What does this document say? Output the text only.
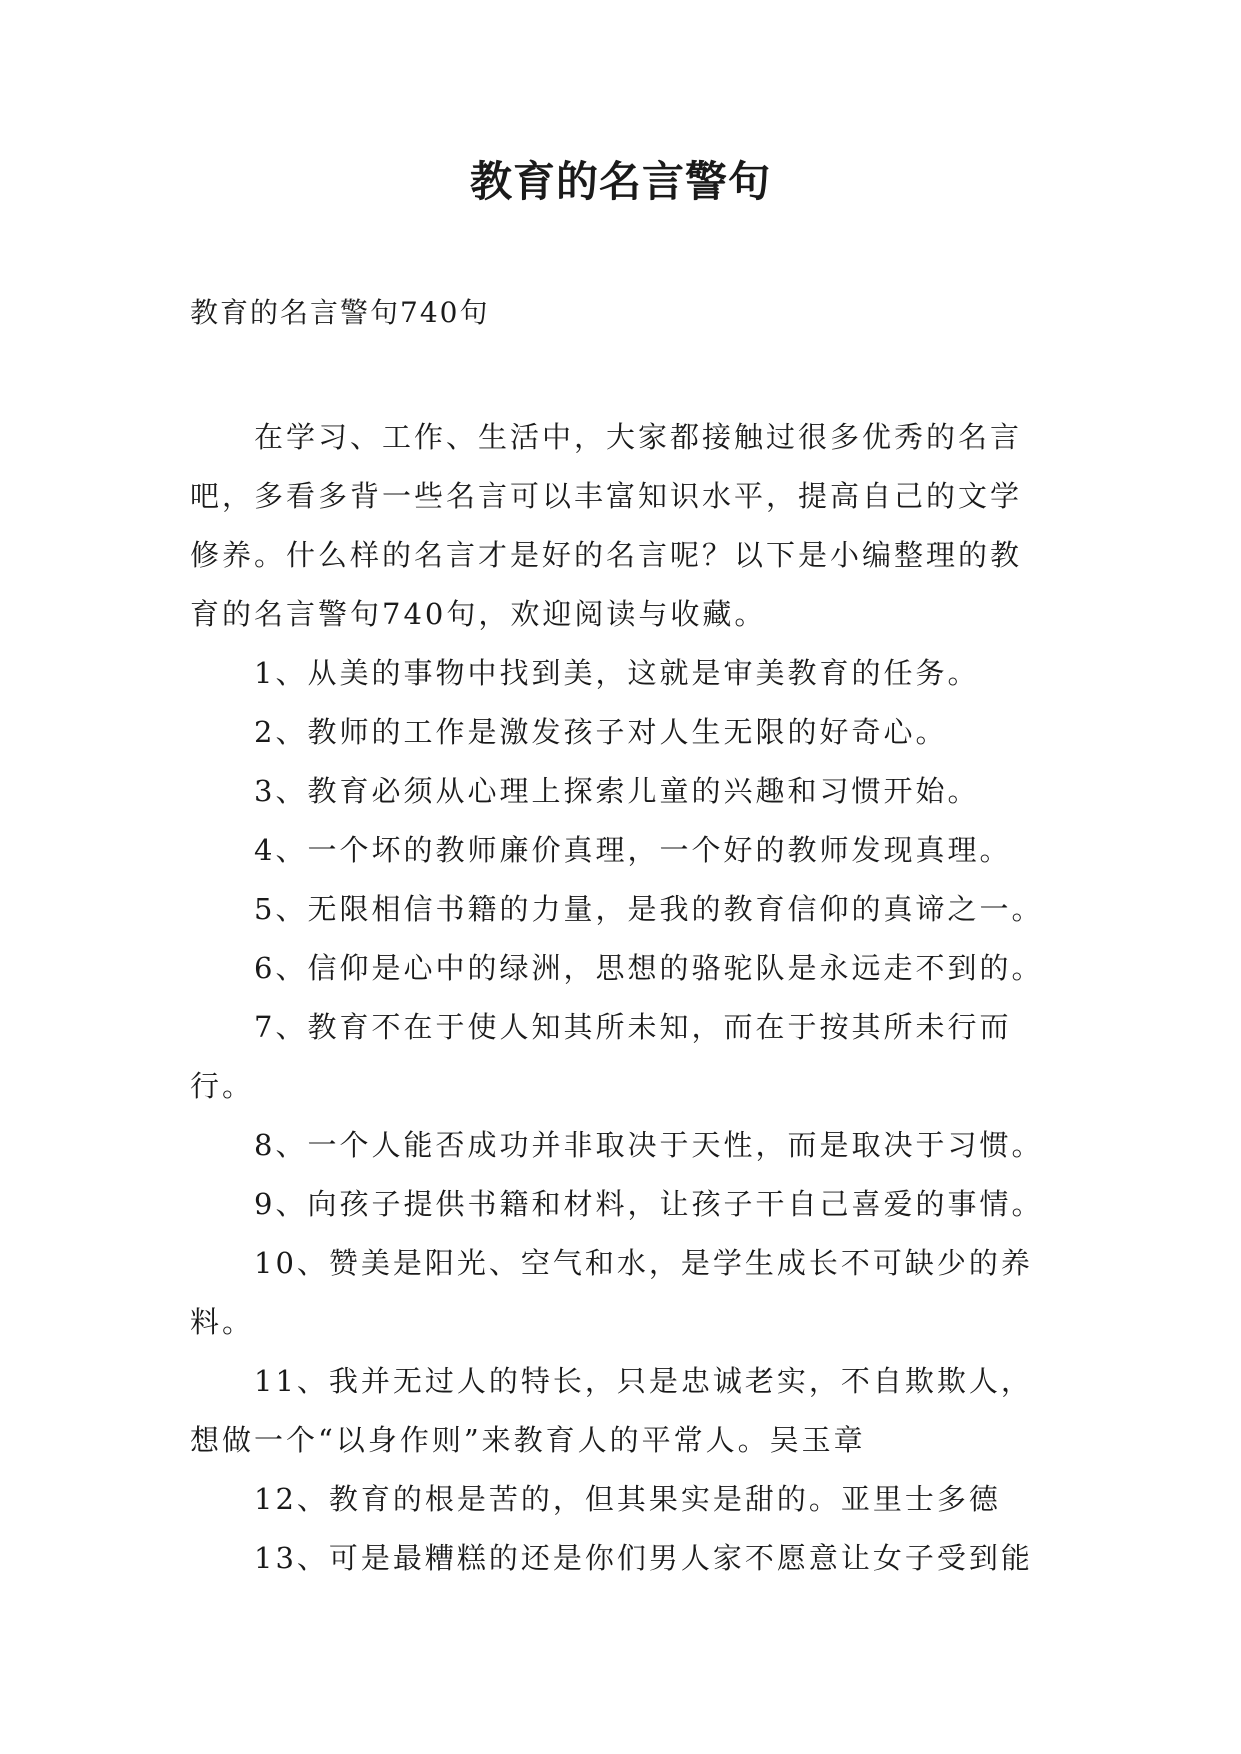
教育的名言警句
教育的名言警句740句
在学习、工作、生活中，大家都接触过很多优秀的名言
吧，多看多背一些名言可以丰富知识水平，提高自己的文学
修养。什么样的名言才是好的名言呢？以下是小编整理的教
育的名言警句740句，欢迎阅读与收藏。
1、从美的事物中找到美，这就是审美教育的任务。
2、教师的工作是激发孩子对人生无限的好奇心。
3、教育必须从心理上探索儿童的兴趣和习惯开始。
4、一个坏的教师廉价真理，一个好的教师发现真理。
5、无限相信书籍的力量，是我的教育信仰的真谛之一。
6、信仰是心中的绿洲，思想的骆驼队是永远走不到的。
7、教育不在于使人知其所未知，而在于按其所未行而
行。
8、一个人能否成功并非取决于天性，而是取决于习惯。
9、向孩子提供书籍和材料，让孩子干自己喜爱的事情。
10、赞美是阳光、空气和水，是学生成长不可缺少的养
料。
11、我并无过人的特长，只是忠诚老实，不自欺欺人，
想做一个“以身作则”来教育人的平常人。吴玉章
12、教育的根是苦的，但其果实是甜的。亚里士多德
13、可是最糟糕的还是你们男人家不愿意让女子受到能
